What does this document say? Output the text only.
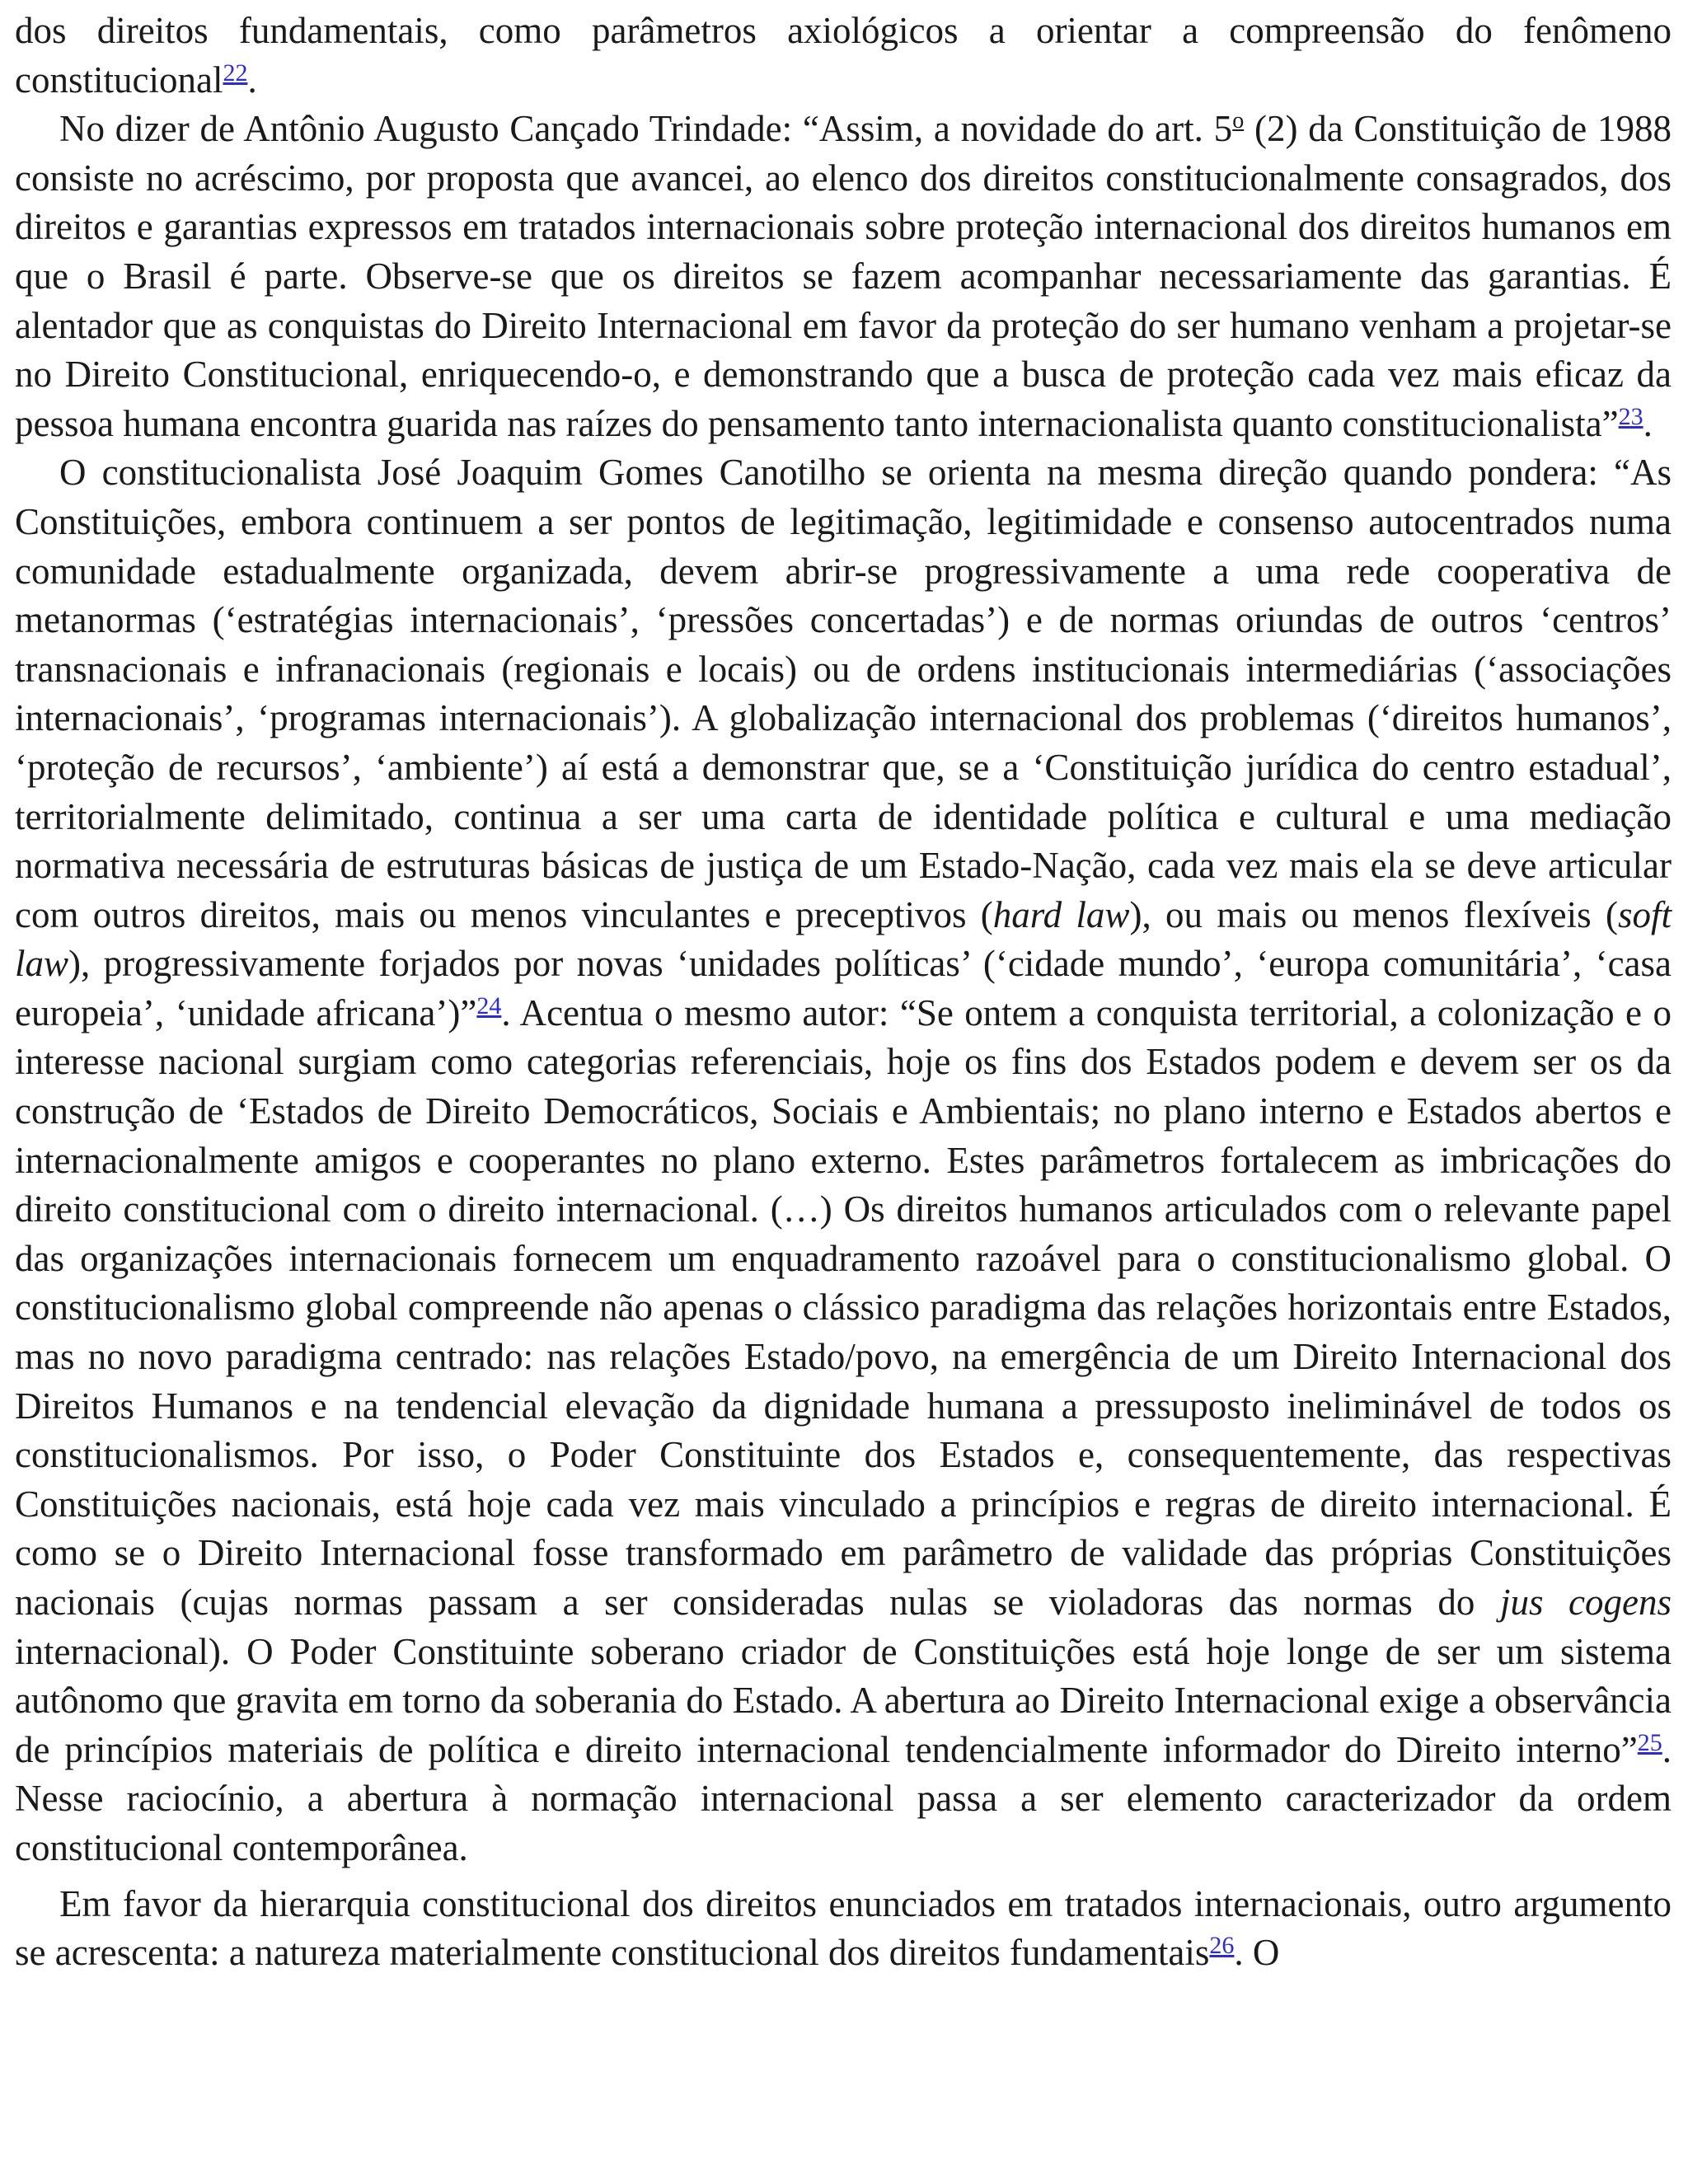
dos direitos fundamentais, como parâmetros axiológicos a orientar a compreensão do fenômeno constitucional$^{22}$.

No dizer de Antônio Augusto Cançado Trindade: “Assim, a novidade do art. 5$^o$ (2) da Constituição de 1988 consiste no acréscimo, por proposta que avancei, ao elenco dos direitos constitucionalmente consagrados, dos direitos e garantias expressos em tratados internacionais sobre proteção internacional dos direitos humanos em que o Brasil é parte. Observe-se que os direitos se fazem acompanhar necessariamente das garantias. É alentador que as conquistas do Direito Internacional em favor da proteção do ser humano venham a projetar-se no Direito Constitucional, enriquecendo-o, e demonstrando que a busca de proteção cada vez mais eficaz da pessoa humana encontra guarida nas raízes do pensamento tanto internacionalista quanto constitucionalista”$^{23}$.

O constitucionalista José Joaquim Gomes Canotilho se orienta na mesma direção quando pondera: “As Constituições, embora continuem a ser pontos de legitimação, legitimidade e consenso autocentrados numa comunidade estadualmente organizada, devem abrir-se progressivamente a uma rede cooperativa de metanormas (‘estratégias internacionais’, ‘pressões concertadas’) e de normas oriundas de outros ‘centros’ transnacionais e infranacionais (regionais e locais) ou de ordens institucionais intermediárias (‘associações internacionais’, ‘programas internacionais’). A globalização internacional dos problemas (‘direitos humanos’, ‘proteção de recursos’, ‘ambiente’) aí está a demonstrar que, se a ‘Constituição jurídica do centro estadual’, territorialmente delimitado, continua a ser uma carta de identidade política e cultural e uma mediação normativa necessária de estruturas básicas de justiça de um Estado-Nação, cada vez mais ela se deve articular com outros direitos, mais ou menos vinculantes e preceptivos (hard law), ou mais ou menos flexíveis (soft law), progressivamente forjados por novas ‘unidades políticas’ (‘cidade mundo’, ‘europa comunitária’, ‘casa europeia’, ‘unidade africana’)”$^{24}$. Acentua o mesmo autor: “Se ontem a conquista territorial, a colonização e o interesse nacional surgiam como categorias referenciais, hoje os fins dos Estados podem e devem ser os da construção de ‘Estados de Direito Democráticos, Sociais e Ambientais; no plano interno e Estados abertos e internacionalmente amigos e cooperantes no plano externo. Estes parâmetros fortalecem as imbricações do direito constitucional com o direito internacional. (…) Os direitos humanos articulados com o relevante papel das organizações internacionais fornecem um enquadramento razoável para o constitucionalismo global. O constitucionalismo global compreende não apenas o clássico paradigma das relações horizontais entre Estados, mas no novo paradigma centrado: nas relações Estado/povo, na emergência de um Direito Internacional dos Direitos Humanos e na tendencial elevação da dignidade humana a pressuposto ineliminável de todos os constitucionalismos. Por isso, o Poder Constituinte dos Estados e, consequentemente, das respectivas Constituições nacionais, está hoje cada vez mais vinculado a princípios e regras de direito internacional. É como se o Direito Internacional fosse transformado em parâmetro de validade das próprias Constituições nacionais (cujas normas passam a ser consideradas nulas se violadoras das normas do jus cogens internacional). O Poder Constituinte soberano criador de Constituições está hoje longe de ser um sistema autônomo que gravita em torno da soberania do Estado. A abertura ao Direito Internacional exige a observância de princípios materiais de política e direito internacional tendencialmente informador do Direito interno”$^{25}$. Nesse raciocínio, a abertura à normação internacional passa a ser elemento caracterizador da ordem constitucional contemporânea.

Em favor da hierarquia constitucional dos direitos enunciados em tratados internacionais, outro argumento se acrescenta: a natureza materialmente constitucional dos direitos fundamentais$^{26}$. O
